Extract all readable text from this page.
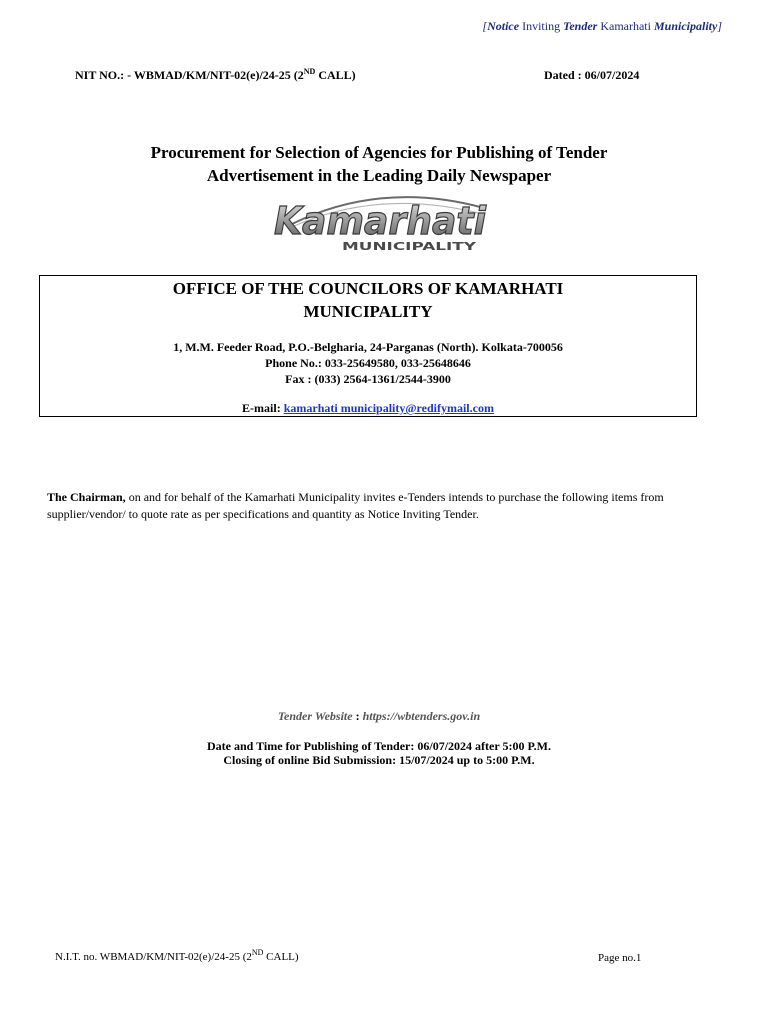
[Notice Inviting Tender Kamarhati Municipality]
NIT NO.: - WBMAD/KM/NIT-02(e)/24-25 (2ND CALL)	Dated : 06/07/2024
Procurement for Selection of Agencies for Publishing of Tender
Advertisement in the Leading Daily Newspaper
Kamarhati
MUNICIPALITY
OFFICE OF THE COUNCILORS OF KAMARHATI
MUNICIPALITY
1, M.M. Feeder Road, P.O.-Belgharia, 24-Parganas (North). Kolkata-700056
Phone No.: 033-25649580, 033-25648646
Fax : (033) 2564-1361/2544-3900
E-mail: kamarhati municipality@redifymail.com
The Chairman, on and for behalf of the Kamarhati Municipality invites e-Tenders intends to purchase the following items from supplier/vendor/ to quote rate as per specifications and quantity as Notice Inviting Tender.
Tender Website : https://wbtenders.gov.in
Date and Time for Publishing of Tender: 06/07/2024 after 5:00 P.M.
Closing of online Bid Submission: 15/07/2024 up to 5:00 P.M.
N.I.T. no. WBMAD/KM/NIT-02(e)/24-25 (2ND CALL)	Page no.1
